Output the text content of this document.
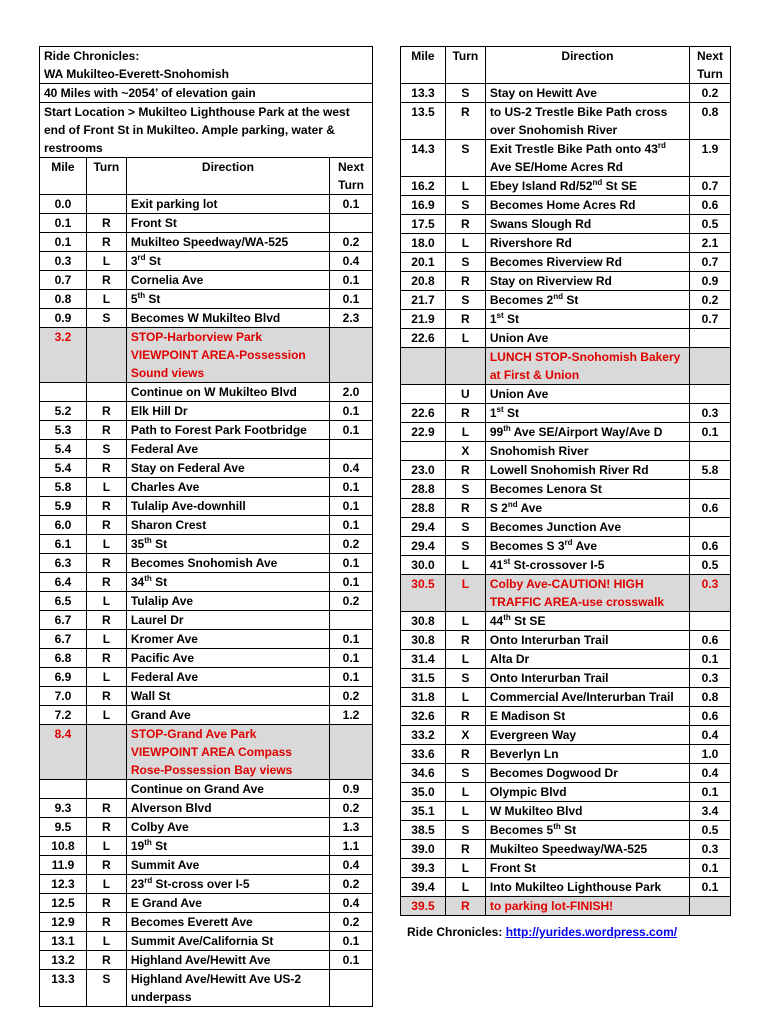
Ride Chronicles:
WA Mukilteo-Everett-Snohomish			
40 Miles with ~2054’ of elevation gain			
Start Location > Mukilteo Lighthouse Park at the west end of Front St in Mukilteo. Ample parking, water & restrooms			
Mile	Turn	Direction	Next Turn
0.0		Exit parking lot	0.1
0.1	R	Front St	
0.1	R	Mukilteo Speedway/WA-525	0.2
0.3	L	3rd St	0.4
0.7	R	Cornelia Ave	0.1
0.8	L	5th St	0.1
0.9	S	Becomes W Mukilteo Blvd	2.3
3.2		STOP-Harborview Park VIEWPOINT AREA-Possession Sound views	
		Continue on W Mukilteo Blvd	2.0
5.2	R	Elk Hill Dr	0.1
5.3	R	Path to Forest Park Footbridge	0.1
5.4	S	Federal Ave	
5.4	R	Stay on Federal Ave	0.4
5.8	L	Charles Ave	0.1
5.9	R	Tulalip Ave-downhill	0.1
6.0	R	Sharon Crest	0.1
6.1	L	35th St	0.2
6.3	R	Becomes Snohomish Ave	0.1
6.4	R	34th St	0.1
6.5	L	Tulalip Ave	0.2
6.7	R	Laurel Dr	
6.7	L	Kromer Ave	0.1
6.8	R	Pacific Ave	0.1
6.9	L	Federal Ave	0.1
7.0	R	Wall St	0.2
7.2	L	Grand Ave	1.2
8.4		STOP-Grand Ave Park VIEWPOINT AREA Compass Rose-Possession Bay views	
		Continue on Grand Ave	0.9
9.3	R	Alverson Blvd	0.2
9.5	R	Colby Ave	1.3
10.8	L	19th St	1.1
11.9	R	Summit Ave	0.4
12.3	L	23rd St-cross over I-5	0.2
12.5	R	E Grand Ave	0.4
12.9	R	Becomes Everett Ave	0.2
13.1	L	Summit Ave/California St	0.1
13.2	R	Highland Ave/Hewitt Ave	0.1
13.3	S	Highland Ave/Hewitt Ave US-2 underpass	
Mile	Turn	Direction	Next Turn
13.3	S	Stay on Hewitt Ave	0.2
13.5	R	to US-2 Trestle Bike Path cross over Snohomish River	0.8
14.3	S	Exit Trestle Bike Path onto 43rd Ave SE/Home Acres Rd	1.9
16.2	L	Ebey Island Rd/52nd St SE	0.7
16.9	S	Becomes Home Acres Rd	0.6
17.5	R	Swans Slough Rd	0.5
18.0	L	Rivershore Rd	2.1
20.1	S	Becomes Riverview Rd	0.7
20.8	R	Stay on Riverview Rd	0.9
21.7	S	Becomes 2nd St	0.2
21.9	R	1st St	0.7
22.6	L	Union Ave	
		LUNCH STOP-Snohomish Bakery at First & Union	
	U	Union Ave	
22.6	R	1st St	0.3
22.9	L	99th Ave SE/Airport Way/Ave D	0.1
	X	Snohomish River	
23.0	R	Lowell Snohomish River Rd	5.8
28.8	S	Becomes Lenora St	
28.8	R	S 2nd Ave	0.6
29.4	S	Becomes Junction Ave	
29.4	S	Becomes S 3rd Ave	0.6
30.0	L	41st St-crossover I-5	0.5
30.5	L	Colby Ave-CAUTION! HIGH TRAFFIC AREA-use crosswalk	0.3
30.8	L	44th St SE	
30.8	R	Onto Interurban Trail	0.6
31.4	L	Alta Dr	0.1
31.5	S	Onto Interurban Trail	0.3
31.8	L	Commercial Ave/Interurban Trail	0.8
32.6	R	E Madison St	0.6
33.2	X	Evergreen Way	0.4
33.6	R	Beverlyn Ln	1.0
34.6	S	Becomes Dogwood Dr	0.4
35.0	L	Olympic Blvd	0.1
35.1	L	W Mukilteo Blvd	3.4
38.5	S	Becomes 5th St	0.5
39.0	R	Mukilteo Speedway/WA-525	0.3
39.3	L	Front St	0.1
39.4	L	Into Mukilteo Lighthouse Park	0.1
39.5	R	to parking lot-FINISH!	
Ride Chronicles: http://yurides.wordpress.com/
